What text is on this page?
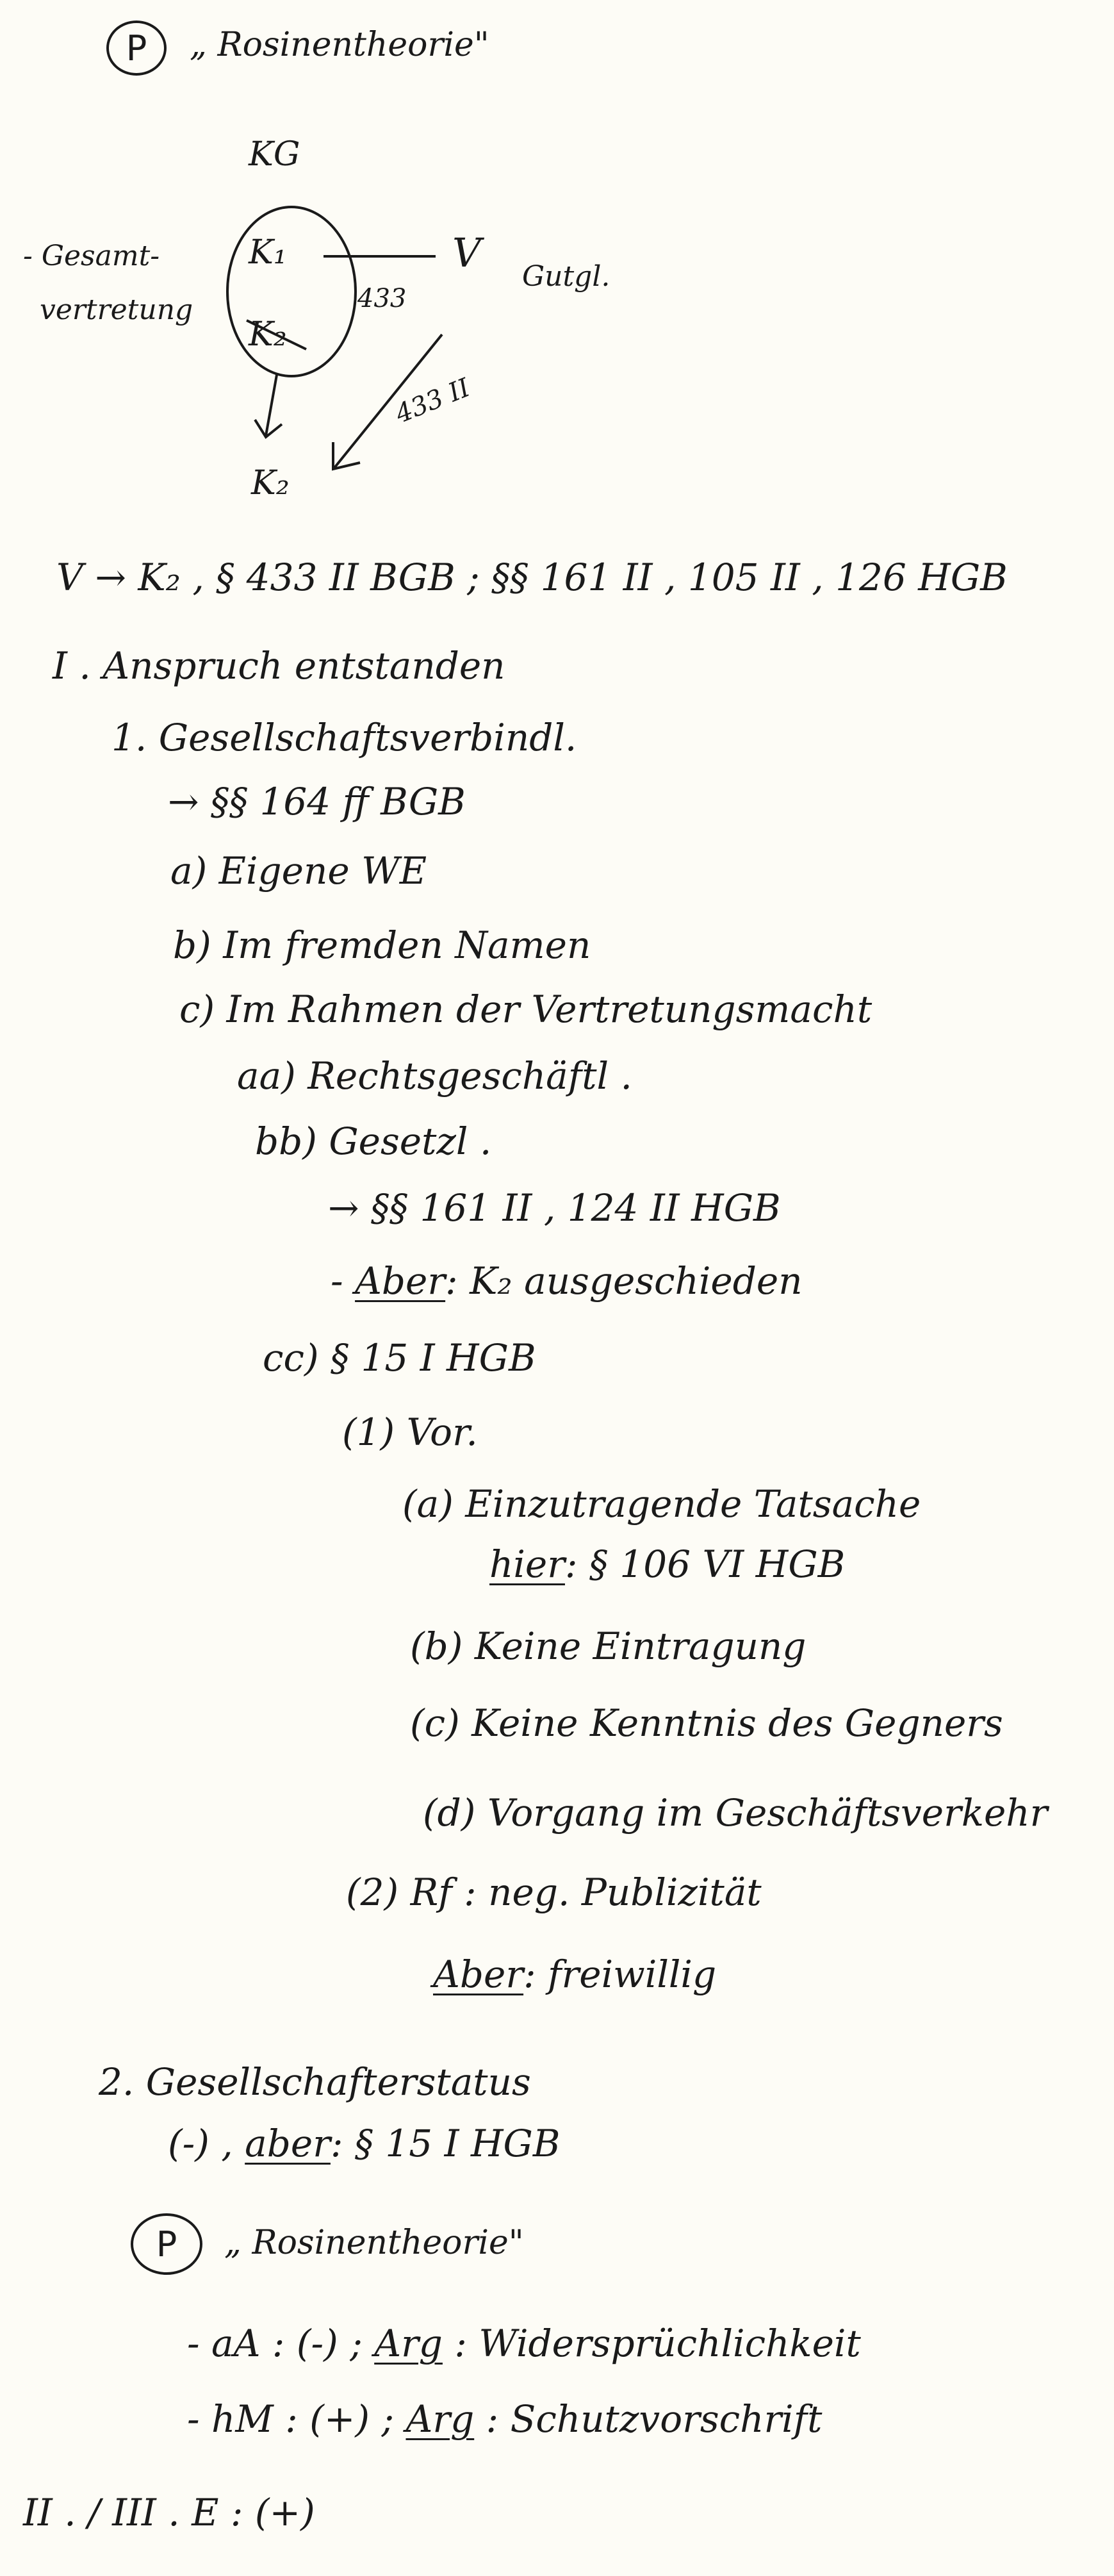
P „ Rosinentheorie"
KG
K₁
K₂
K₂
V
- Gesamt-
vertretung
Gutgl.
433
433 II
V → K₂ , § 433 II BGB ; §§ 161 II , 105 II , 126 HGB
I . Anspruch entstanden
1. Gesellschaftsverbindl.
→ §§ 164 ff BGB
a) Eigene WE
b) Im fremden Namen
c) Im Rahmen der Vertretungsmacht
aa) Rechtsgeschäftl .
bb) Gesetzl .
→ §§ 161 II , 124 II HGB
- Aber: K₂ ausgeschieden
cc) § 15 I HGB
(1) Vor.
(a) Einzutragende Tatsache
hier: § 106 VI HGB
(b) Keine Eintragung
(c) Keine Kenntnis des Gegners
(d) Vorgang im Geschäftsverkehr
(2) Rf : neg. Publizität
Aber: freiwillig
2. Gesellschafterstatus
(-) , aber: § 15 I HGB
P „ Rosinentheorie"
- aA : (-) ; Arg : Widersprüchlichkeit
- hM : (+) ; Arg : Schutzvorschrift
II . / III . E : (+)
